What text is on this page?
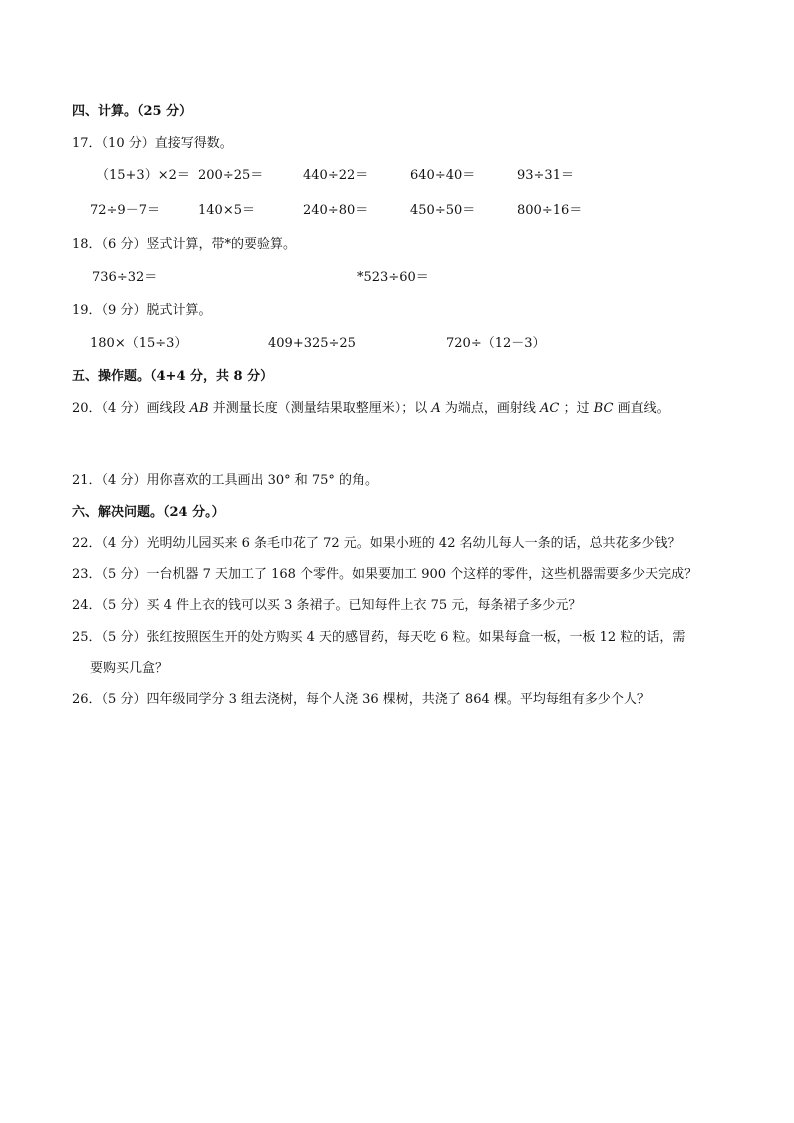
四、计算。（25 分）
17．（10 分）直接写得数。
（15+3）×2＝ 200÷25＝	440÷22＝	640÷40＝	93÷31＝
72÷9－7＝	140×5＝	240÷80＝	450÷50＝	800÷16＝
18．（6 分）竖式计算，带*的要验算。
736÷32＝	*523÷60＝
19．（9 分）脱式计算。
180×（15÷3）	409+325÷25	720÷（12－3）
五、操作题。（4+4 分，共 8 分）
20．（4 分）画线段 AB 并测量长度（测量结果取整厘米）；以 A 为端点，画射线 AC ；过 BC 画直线。
21．（4 分）用你喜欢的工具画出 30° 和 75° 的角。
六、解决问题。（24 分。）
22．（4 分）光明幼儿园买来 6 条毛巾花了 72 元。如果小班的 42 名幼儿每人一条的话，总共花多少钱？
23．（5 分）一台机器 7 天加工了 168 个零件。如果要加工 900 个这样的零件，这些机器需要多少天完成？
24．（5 分）买 4 件上衣的钱可以买 3 条裙子。已知每件上衣 75 元，每条裙子多少元？
25．（5 分）张红按照医生开的处方购买 4 天的感冒药，每天吃 6 粒。如果每盒一板，一板 12 粒的话，需
要购买几盒？
26．（5 分）四年级同学分 3 组去浇树，每个人浇 36 棵树，共浇了 864 棵。平均每组有多少个人？
